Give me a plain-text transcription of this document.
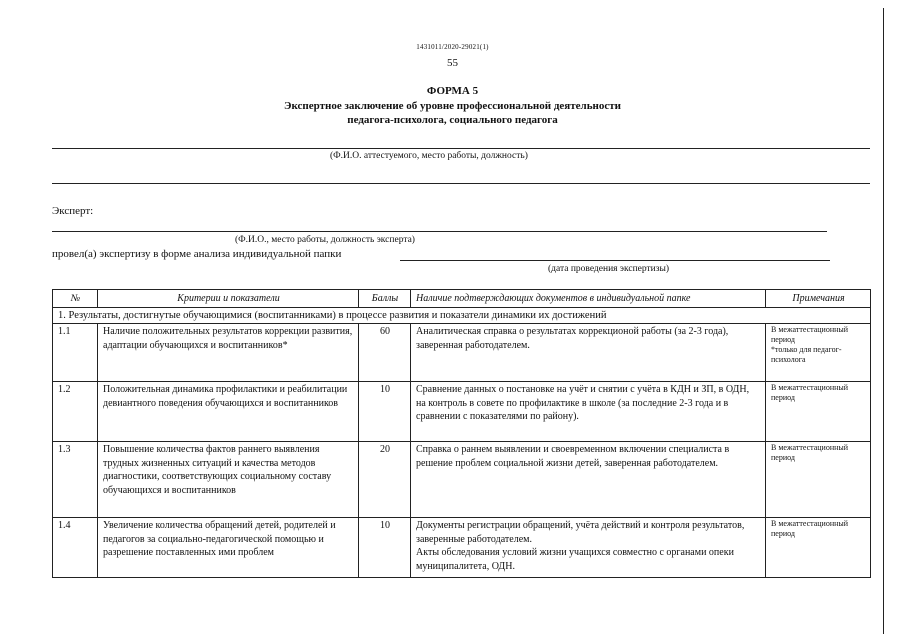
1431011/2020-29021(1)
55
ФОРМА 5
Экспертное заключение об уровне профессиональной деятельности
педагога-психолога, социального педагога
(Ф.И.О. аттестуемого, место работы, должность)
Эксперт:
(Ф.И.О., место работы, должность эксперта)
провел(а) экспертизу в форме анализа индивидуальной папки
(дата проведения экспертизы)
№	Критерии и показатели	Баллы	Наличие подтверждающих документов в индивидуальной папке	Примечания
1. Результаты, достигнутые обучающимися (воспитанниками) в процессе развития и показатели динамики их достижений				
1.1	Наличие положительных результатов коррекции развития, адаптации обучающихся и воспитанников*	60	Аналитическая справка о результатах коррекционой работы (за 2-3 года), заверенная работодателем.	В межаттестационный период
*только для педагог-психолога

1.2	Положительная динамика профилактики и реабилитации девиантного поведения обучающихся и воспитанников	10	Сравнение данных о постановке на учёт и снятии с учёта в КДН и ЗП, в ОДН, на контроль в совете по профилактике в школе (за последние 2-3 года и в сравнении с показателями по району).	В межаттестационный период

1.3	Повышение количества фактов раннего выявления трудных жизненных ситуаций и качества методов диагностики, соответствующих социальному составу обучающихся и воспитанников	20	Справка о раннем выявлении и своевременном включении специалиста в решение проблем социальной жизни детей, заверенная работодателем.	В межаттестационный период

1.4	Увеличение количества обращений детей, родителей и педагогов за социально-педагогической помощью и разрешение поставленных ими проблем	10	Документы регистрации обращений, учёта действий и контроля результатов, заверенные работодателем.
Акты обследования условий жизни учащихся совместно с органами опеки муниципалитета, ОДН.	В межаттестационный период
